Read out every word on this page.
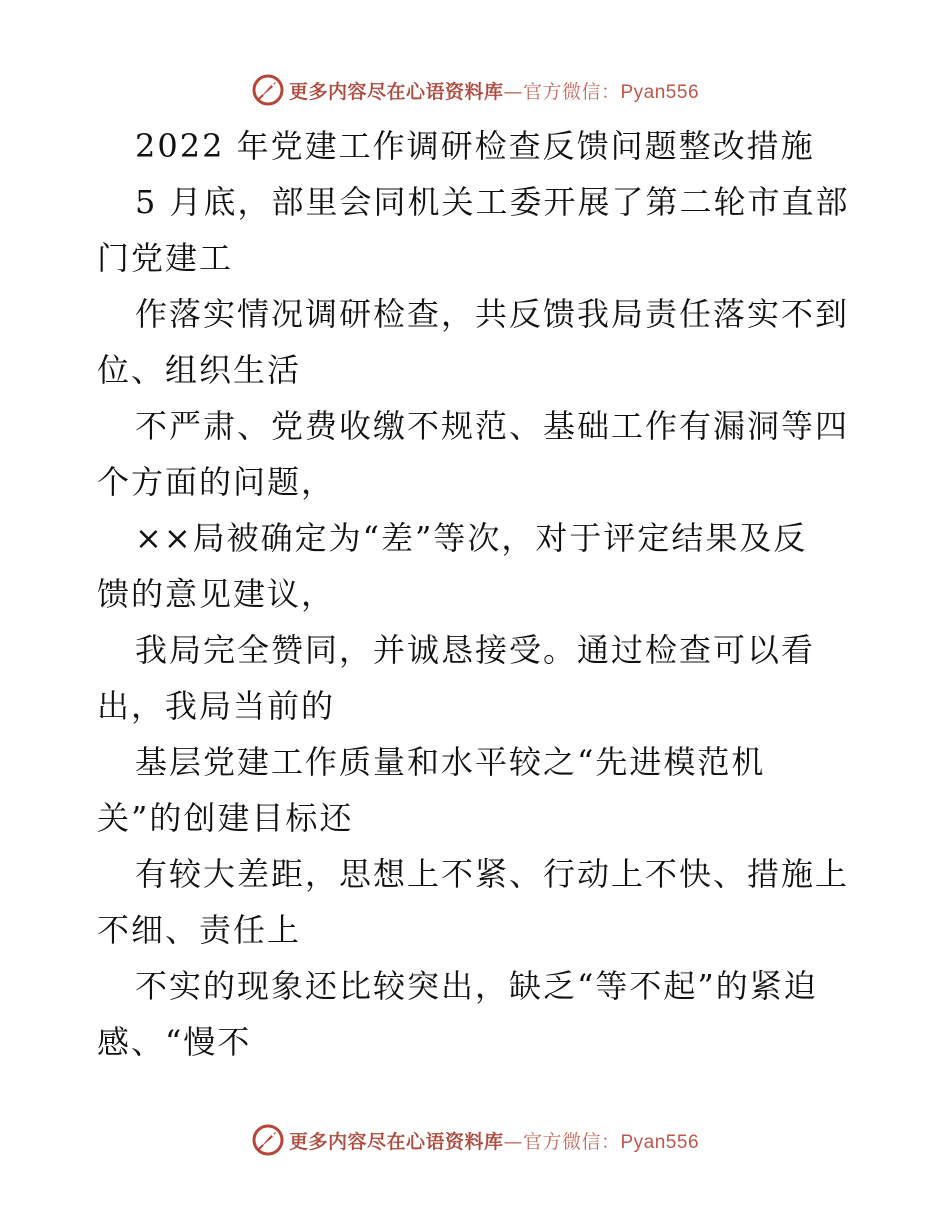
更多内容尽在心语资料库—官方微信：Pyan556
2022 年党建工作调研检查反馈问题整改措施
5 月底，部里会同机关工委开展了第二轮市直部
门党建工
作落实情况调研检查，共反馈我局责任落实不到
位、组织生活
不严肃、党费收缴不规范、基础工作有漏洞等四
个方面的问题，
××局被确定为“差”等次，对于评定结果及反
馈的意见建议，
我局完全赞同，并诚恳接受。通过检查可以看
出，我局当前的
基层党建工作质量和水平较之“先进模范机
关”的创建目标还
有较大差距，思想上不紧、行动上不快、措施上
不细、责任上
不实的现象还比较突出，缺乏“等不起”的紧迫
感、“慢不
更多内容尽在心语资料库—官方微信：Pyan556
